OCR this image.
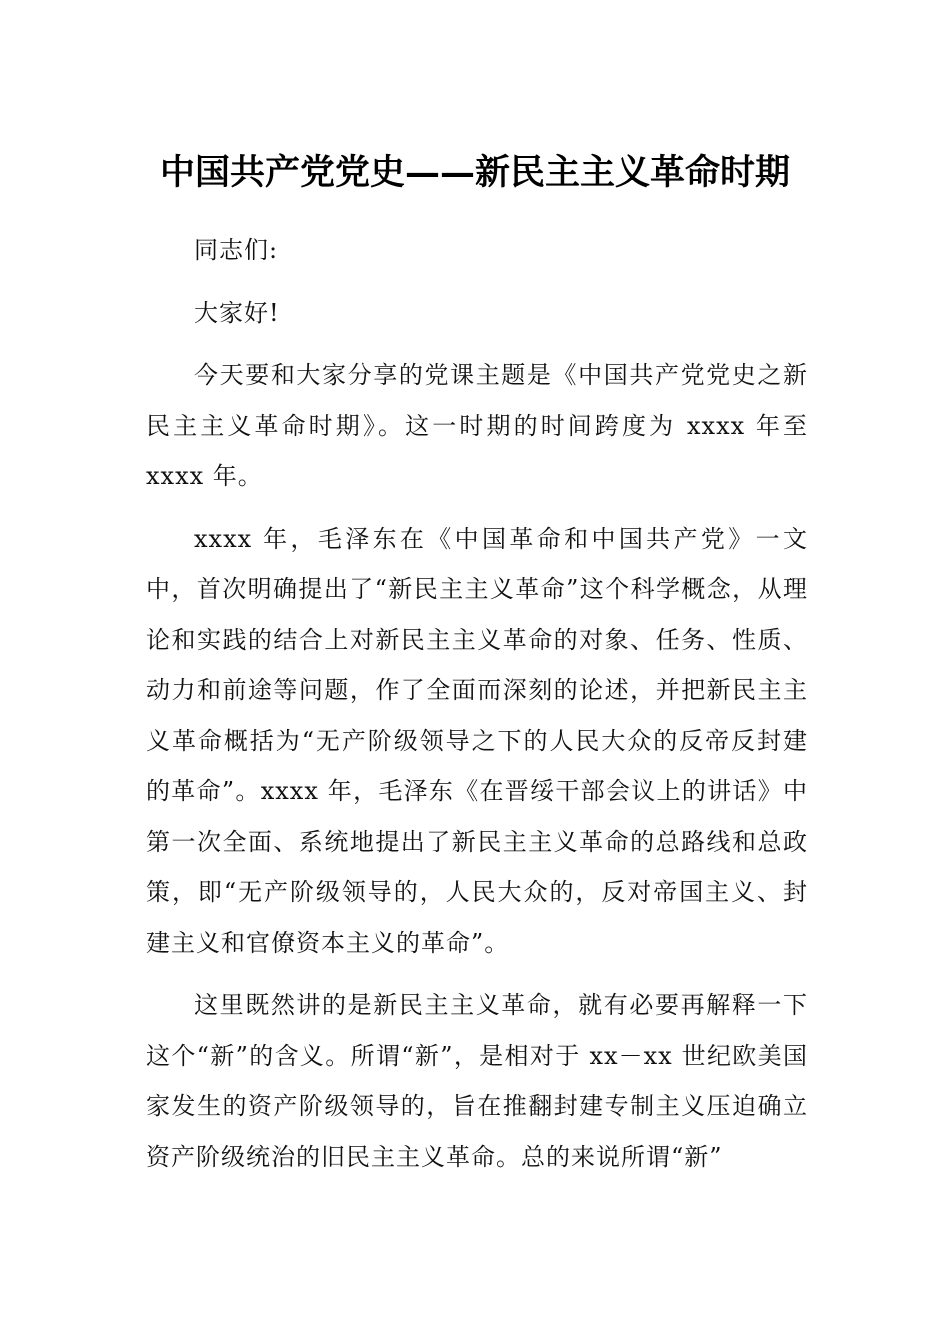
中国共产党党史——新民主主义革命时期

同志们:

大家好!

今天要和大家分享的党课主题是《中国共产党党史之新民主主义革命时期》。这一时期的时间跨度为 xxxx 年至 xxxx 年。

xxxx 年，毛泽东在《中国革命和中国共产党》一文中，首次明确提出了“新民主主义革命”这个科学概念，从理论和实践的结合上对新民主主义革命的对象、任务、性质、动力和前途等问题，作了全面而深刻的论述，并把新民主主义革命概括为“无产阶级领导之下的人民大众的反帝反封建的革命”。xxxx 年，毛泽东《在晋绥干部会议上的讲话》中第一次全面、系统地提出了新民主主义革命的总路线和总政策，即“无产阶级领导的，人民大众的，反对帝国主义、封建主义和官僚资本主义的革命”。

这里既然讲的是新民主主义革命，就有必要再解释一下这个“新”的含义。所谓“新”，是相对于 xx－xx 世纪欧美国家发生的资产阶级领导的，旨在推翻封建专制主义压迫确立资产阶级统治的旧民主主义革命。总的来说所谓“新”
